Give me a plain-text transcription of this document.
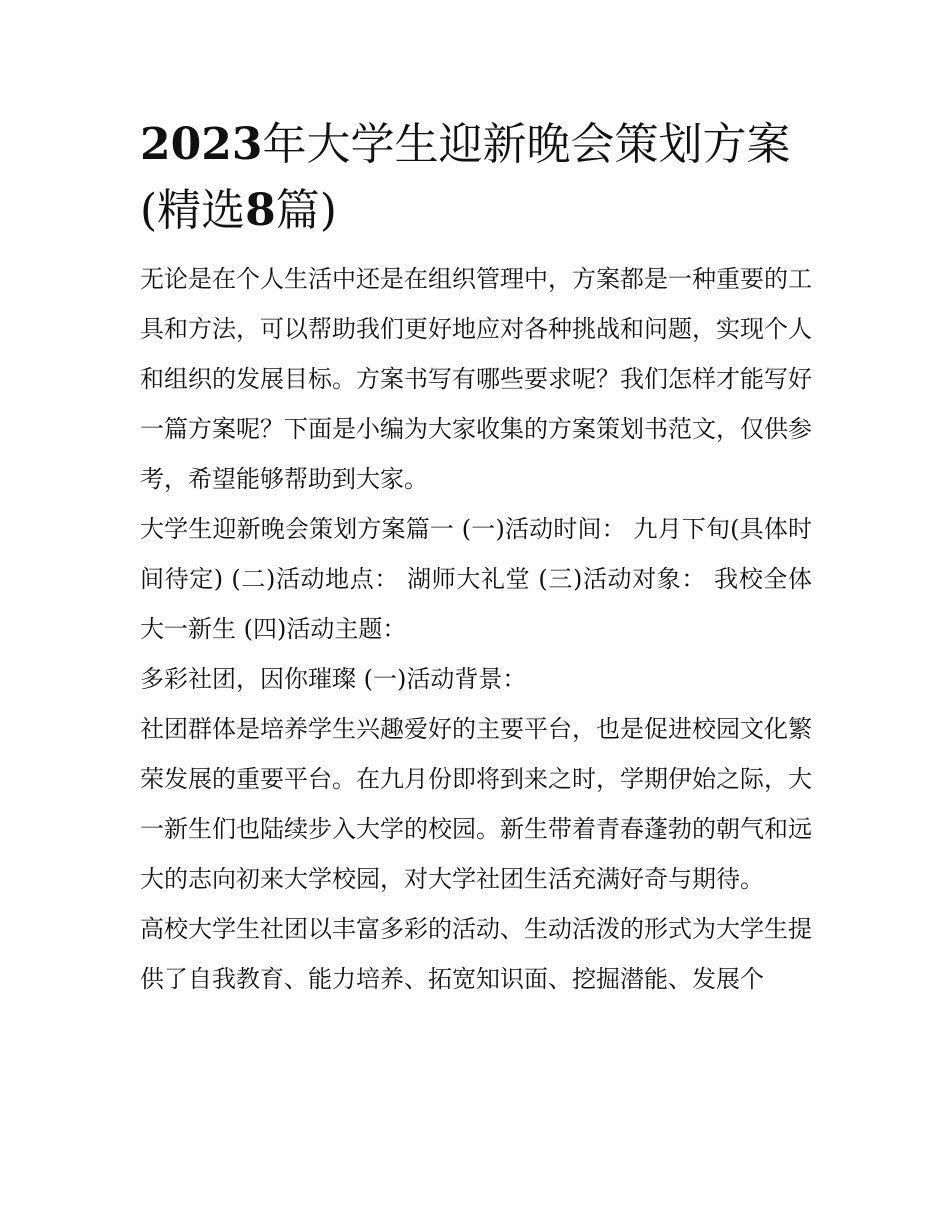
2023年大学生迎新晚会策划方案(精选8篇)

无论是在个人生活中还是在组织管理中，方案都是一种重要的工具和方法，可以帮助我们更好地应对各种挑战和问题，实现个人和组织的发展目标。方案书写有哪些要求呢？我们怎样才能写好一篇方案呢？下面是小编为大家收集的方案策划书范文，仅供参考，希望能够帮助到大家。

大学生迎新晚会策划方案篇一 (一)活动时间： 九月下旬(具体时间待定) (二)活动地点： 湖师大礼堂 (三)活动对象： 我校全体大一新生 (四)活动主题：

多彩社团，因你璀璨 (一)活动背景：

社团群体是培养学生兴趣爱好的主要平台，也是促进校园文化繁荣发展的重要平台。在九月份即将到来之时，学期伊始之际，大一新生们也陆续步入大学的校园。新生带着青春蓬勃的朝气和远大的志向初来大学校园，对大学社团生活充满好奇与期待。

高校大学生社团以丰富多彩的活动、生动活泼的形式为大学生提供了自我教育、能力培养、拓宽知识面、挖掘潜能、发展个
